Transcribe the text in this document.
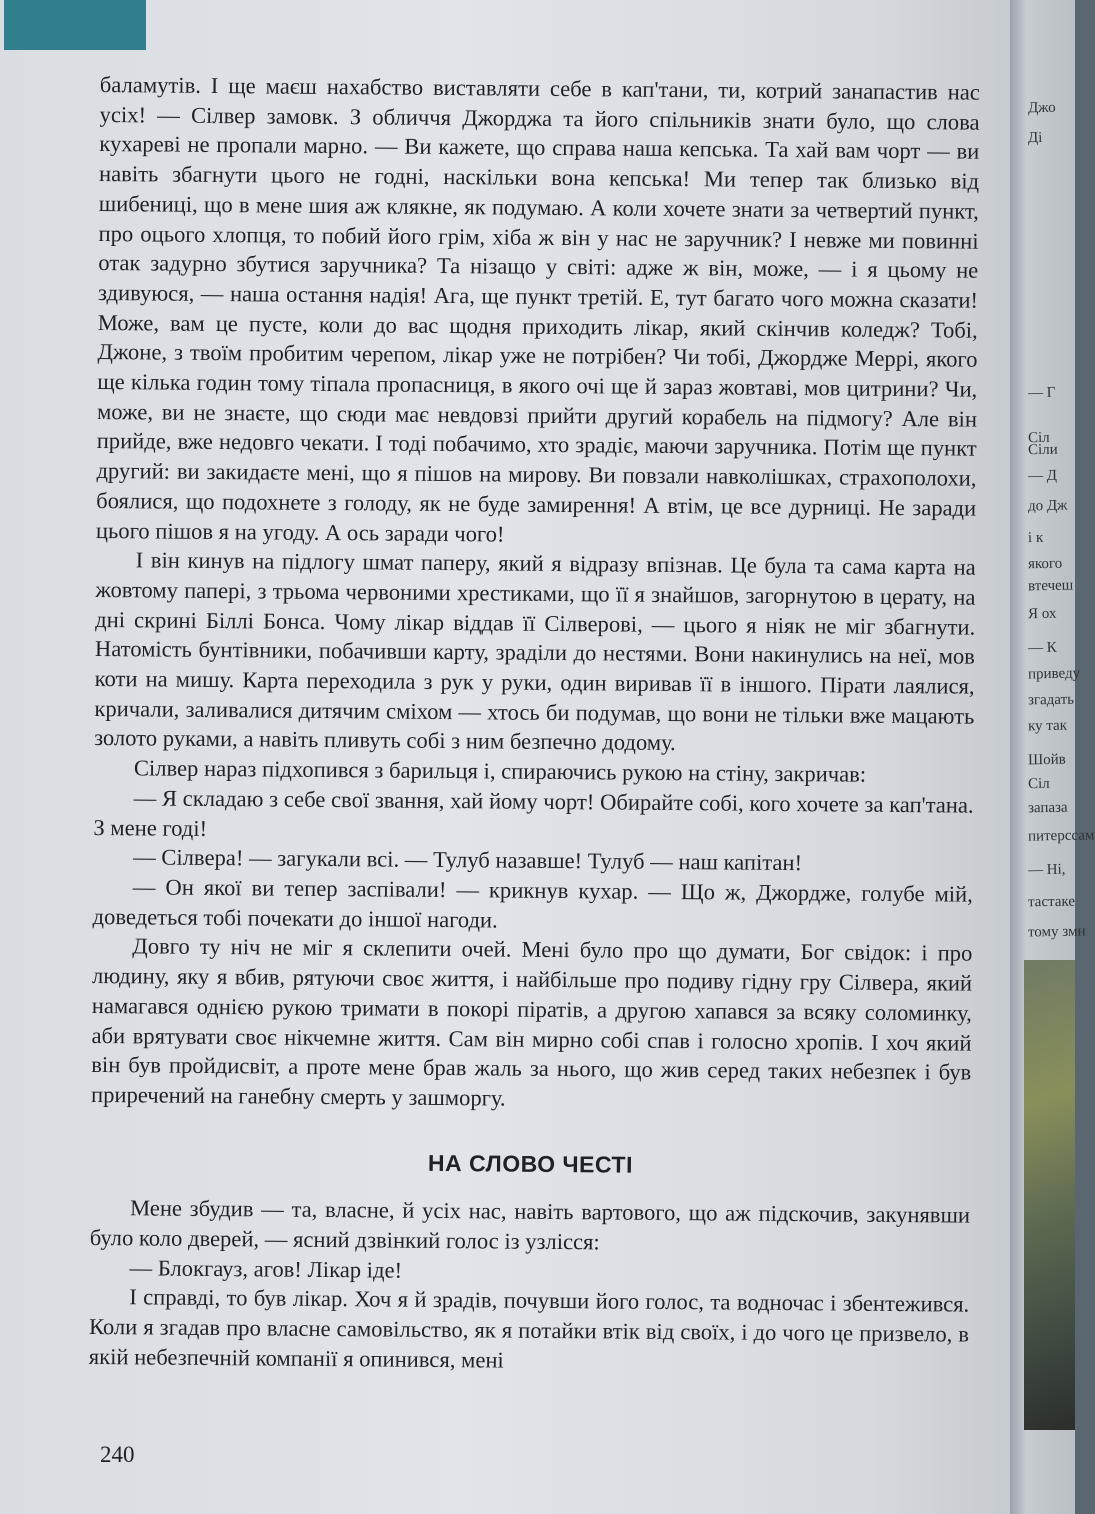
баламутів. І ще маєш нахабство виставляти себе в кап'тани, ти, котрий занапастив нас усіх! — Сілвер замовк. З обличчя Джорджа та його спільників знати було, що слова кухареві не пропали марно. — Ви кажете, що справа наша кепська. Та хай вам чорт — ви навіть збагнути цього не годні, наскільки вона кепська! Ми тепер так близько від шибениці, що в мене шия аж клякне, як подумаю. А коли хочете знати за четвертий пункт, про оцього хлопця, то побий його грім, хіба ж він у нас не заручник? І невже ми повинні отак задурно збутися заручника? Та нізащо у світі: адже ж він, може, — і я цьому не здивуюся, — наша остання надія! Ага, ще пункт третій. Е, тут багато чого можна сказати! Може, вам це пусте, коли до вас щодня приходить лікар, який скінчив коледж? Тобі, Джоне, з твоїм пробитим черепом, лікар уже не потрібен? Чи тобі, Джордже Меррі, якого ще кілька годин тому тіпала пропасниця, в якого очі ще й зараз жовтаві, мов цитрини? Чи, може, ви не знаєте, що сюди має невдовзі прийти другий корабель на підмогу? Але він прийде, вже недовго чекати. І тоді побачимо, хто зрадіє, маючи заручника. Потім ще пункт другий: ви закидаєте мені, що я пішов на мирову. Ви повзали навколішках, страхополохи, боялися, що подохнете з голоду, як не буде замирення! А втім, це все дурниці. Не заради цього пішов я на угоду. А ось заради чого!

І він кинув на підлогу шмат паперу, який я відразу впізнав. Це була та сама карта на жовтому папері, з трьома червоними хрестиками, що її я знайшов, загорнутою в церату, на дні скрині Біллі Бонса. Чому лікар віддав її Сілверові, — цього я ніяк не міг збагнути. Натомість бунтівники, побачивши карту, зраділи до нестями. Вони накинулись на неї, мов коти на мишу. Карта переходила з рук у руки, один виривав її в іншого. Пірати лаялися, кричали, заливалися дитячим сміхом — хтось би подумав, що вони не тільки вже мацають золото руками, а навіть пливуть собі з ним безпечно додому.

Сілвер нараз підхопився з барильця і, спираючись рукою на стіну, закричав:

— Я складаю з себе свої звання, хай йому чорт! Обирайте собі, кого хочете за кап'тана. З мене годі!

— Сілвера! — загукали всі. — Тулуб назавше! Тулуб — наш капітан!

— Он якої ви тепер заспівали! — крикнув кухар. — Що ж, Джордже, голубе мій, доведеться тобі почекати до іншої нагоди.

Довго ту ніч не міг я склепити очей. Мені було про що думати, Бог свідок: і про людину, яку я вбив, рятуючи своє життя, і найбільше про подиву гідну гру Сілвера, який намагався однією рукою тримати в покорі піратів, а другою хапався за всяку соломинку, аби врятувати своє нікчемне життя. Сам він мирно собі спав і голосно хропів. І хоч який він був пройдисвіт, а проте мене брав жаль за нього, що жив серед таких небезпек і був приречений на ганебну смерть у зашморгу.

НА СЛОВО ЧЕСТІ

Мене збудив — та, власне, й усіх нас, навіть вартового, що аж підскочив, закунявши було коло дверей, — ясний дзвінкий голос із узлісся:

— Блокгауз, агов! Лікар іде!

І справді, то був лікар. Хоч я й зрадів, почувши його голос, та водночас і збентежився. Коли я згадав про власне самовільство, як я потайки втік від своїх, і до чого це призвело, в якій небезпечній компанії я опинився, мені

240
Джо
Ді
Сіл
— Г
Сіли
— Д
до Дж
і к
якого
втечеш
Я ох
— К
приведу
згадать
ку так
Шойв
Сіл
запаза
питерссам
— Ні,
тастаке
тому змн
